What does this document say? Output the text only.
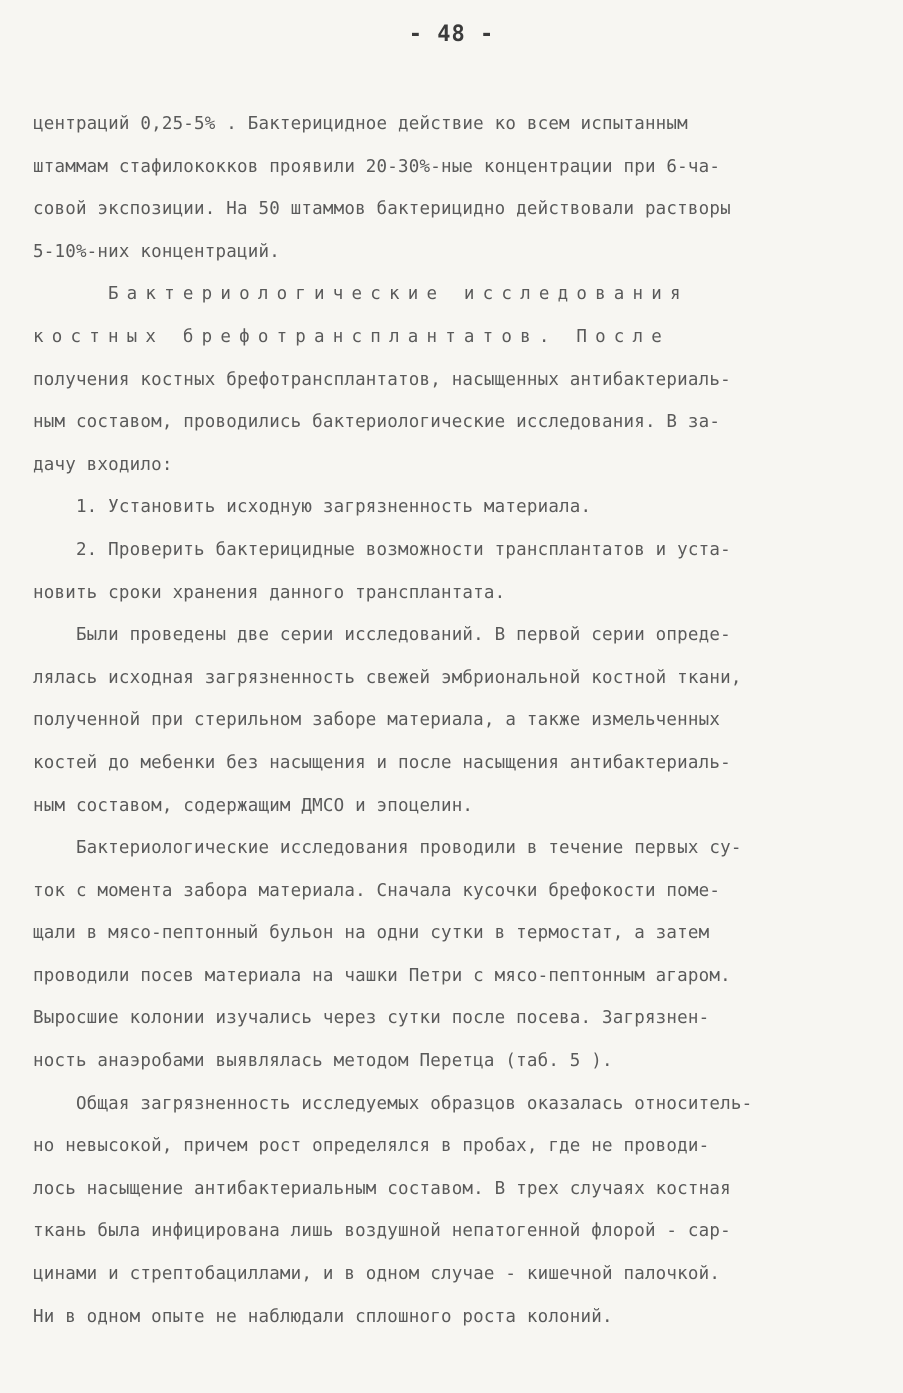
- 48 -
центраций 0,25-5% . Бактерицидное действие ко всем испытанным
штаммам стафилококков проявили 20-30%-ные концентрации при 6-ча-
совой экспозиции. На 50 штаммов бактерицидно действовали растворы
5-10%-них концентраций.
Бактериологические исследования
костных брефотрансплантатов. После
получения костных брефотрансплантатов, насыщенных антибактериаль-
ным составом, проводились бактериологические исследования. В за-
дачу входило:
1. Установить исходную загрязненность материала.
2. Проверить бактерицидные возможности трансплантатов и уста-
новить сроки хранения данного трансплантата.
Были проведены две серии исследований. В первой серии опреде-
лялась исходная загрязненность свежей эмбриональной костной ткани,
полученной при стерильном заборе материала, а также измельченных
костей до мебенки без насыщения и после насыщения антибактериаль-
ным составом, содержащим ДМСО и эпоцелин.
Бактериологические исследования проводили в течение первых су-
ток с момента забора материала. Сначала кусочки брефокости поме-
щали в мясо-пептонный бульон на одни сутки в термостат, а затем
проводили посев материала на чашки Петри с мясо-пептонным агаром.
Выросшие колонии изучались через сутки после посева. Загрязнен-
ность анаэробами выявлялась методом Перетца (таб. 5 ).
Общая загрязненность исследуемых образцов оказалась относитель-
но невысокой, причем рост определялся в пробах, где не проводи-
лось насыщение антибактериальным составом. В трех случаях костная
ткань была инфицирована лишь воздушной непатогенной флорой - сар-
цинами и стрептобациллами, и в одном случае - кишечной палочкой.
Ни в одном опыте не наблюдали сплошного роста колоний.
